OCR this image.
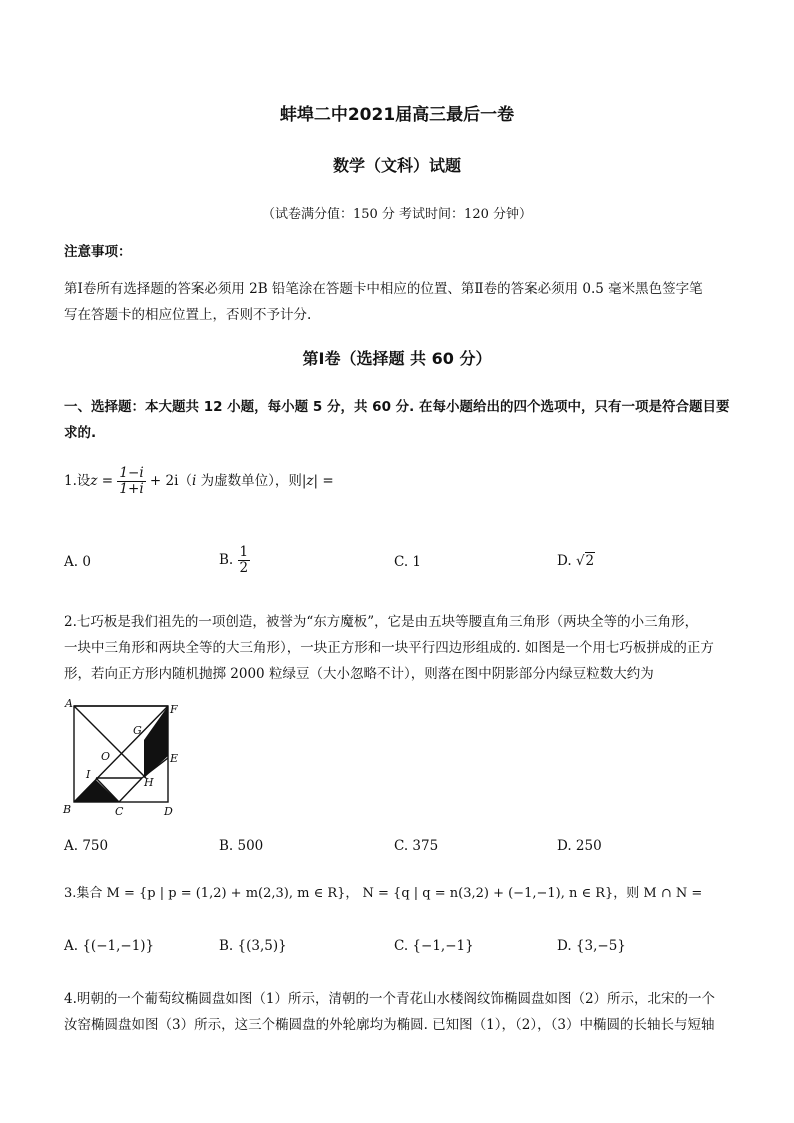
蚌埠二中2021届高三最后一卷
数学（文科）试题
（试卷满分值：150 分 考试时间：120 分钟）
注意事项：
第Ⅰ卷所有选择题的答案必须用 2B 铅笔涂在答题卡中相应的位置、第Ⅱ卷的答案必须用 0.5 毫米黑色签字笔
写在答题卡的相应位置上，否则不予计分.
第Ⅰ卷（选择题 共 60 分）
一、选择题：本大题共 12 小题，每小题 5 分，共 60 分. 在每小题给出的四个选项中，只有一项是符合题目要
求的.
1.设$z = \frac{1-i}{1+i} + 2i(i$ 为虚数单位），则|z| =
A. 0	B. $\frac{1}{2}$	C. 1	D. √2
2.七巧板是我们祖先的一项创造，被誉为“东方魔板”，它是由五块等腰直角三角形（两块全等的小三角形，
一块中三角形和两块全等的大三角形），一块正方形和一块平行四边形组成的. 如图是一个用七巧板拼成的正方
形，若向正方形内随机抛掷 2000 粒绿豆（大小忽略不计），则落在图中阴影部分内绿豆粒数大约为
A	F
G
O	E
H
I
B	C	D
A. 750	B. 500	C. 375	D. 250
3.集合 M = {p | p = (1,2) + m(2,3), m ∈ R}， N = {q | q = n(3,2) + (−1,−1), n ∈ R}，则 M ∩ N =
A. {(−1,−1)}	B. {(3,5)}	C. {−1,−1}	D. {3,−5}
4.明朝的一个葡萄纹椭圆盘如图（1）所示，清朝的一个青花山水楼阁纹饰椭圆盘如图（2）所示，北宋的一个
汝窑椭圆盘如图（3）所示，这三个椭圆盘的外轮廓均为椭圆. 已知图（1），（2），（3）中椭圆的长轴长与短轴
